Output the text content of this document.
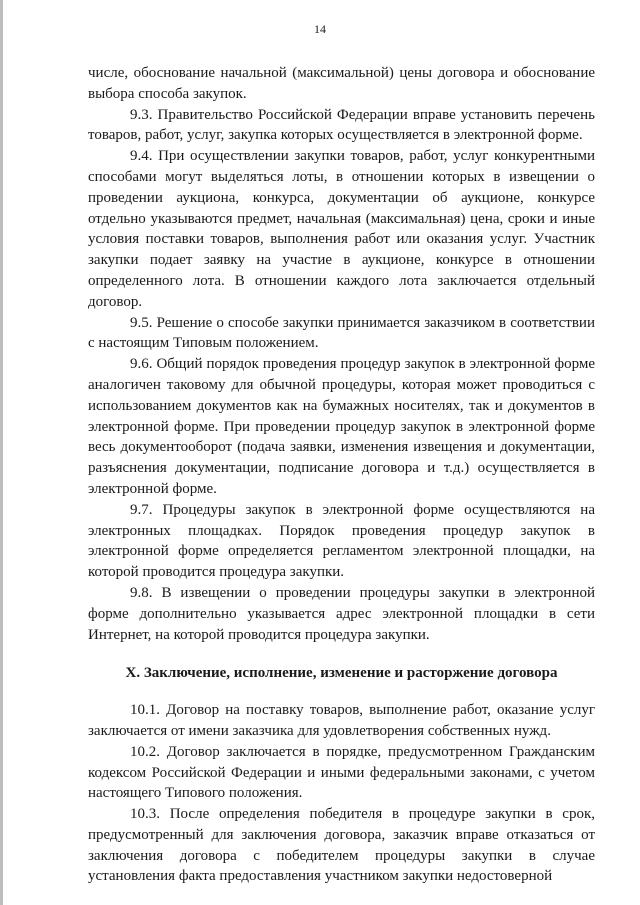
14

числе, обоснование начальной (максимальной) цены договора и обоснование выбора способа закупок.

9.3. Правительство Российской Федерации вправе установить перечень товаров, работ, услуг, закупка которых осуществляется в электронной форме.

9.4. При осуществлении закупки товаров, работ, услуг конкурентными способами могут выделяться лоты, в отношении которых в извещении о проведении аукциона, конкурса, документации об аукционе, конкурсе отдельно указываются предмет, начальная (максимальная) цена, сроки и иные условия поставки товаров, выполнения работ или оказания услуг. Участник закупки подает заявку на участие в аукционе, конкурсе в отношении определенного лота. В отношении каждого лота заключается отдельный договор.

9.5. Решение о способе закупки принимается заказчиком в соответствии с настоящим Типовым положением.

9.6. Общий порядок проведения процедур закупок в электронной форме аналогичен таковому для обычной процедуры, которая может проводиться с использованием документов как на бумажных носителях, так и документов в электронной форме. При проведении процедур закупок в электронной форме весь документооборот (подача заявки, изменения извещения и документации, разъяснения документации, подписание договора и т.д.) осуществляется в электронной форме.

9.7. Процедуры закупок в электронной форме осуществляются на электронных площадках. Порядок проведения процедур закупок в электронной форме определяется регламентом электронной площадки, на которой проводится процедура закупки.

9.8. В извещении о проведении процедуры закупки в электронной форме дополнительно указывается адрес электронной площадки в сети Интернет, на которой проводится процедура закупки.

X. Заключение, исполнение, изменение и расторжение договора

10.1. Договор на поставку товаров, выполнение работ, оказание услуг заключается от имени заказчика для удовлетворения собственных нужд.

10.2. Договор заключается в порядке, предусмотренном Гражданским кодексом Российской Федерации и иными федеральными законами, с учетом настоящего Типового положения.

10.3. После определения победителя в процедуре закупки в срок, предусмотренный для заключения договора, заказчик вправе отказаться от заключения договора с победителем процедуры закупки в случае установления факта предоставления участником закупки недостоверной
